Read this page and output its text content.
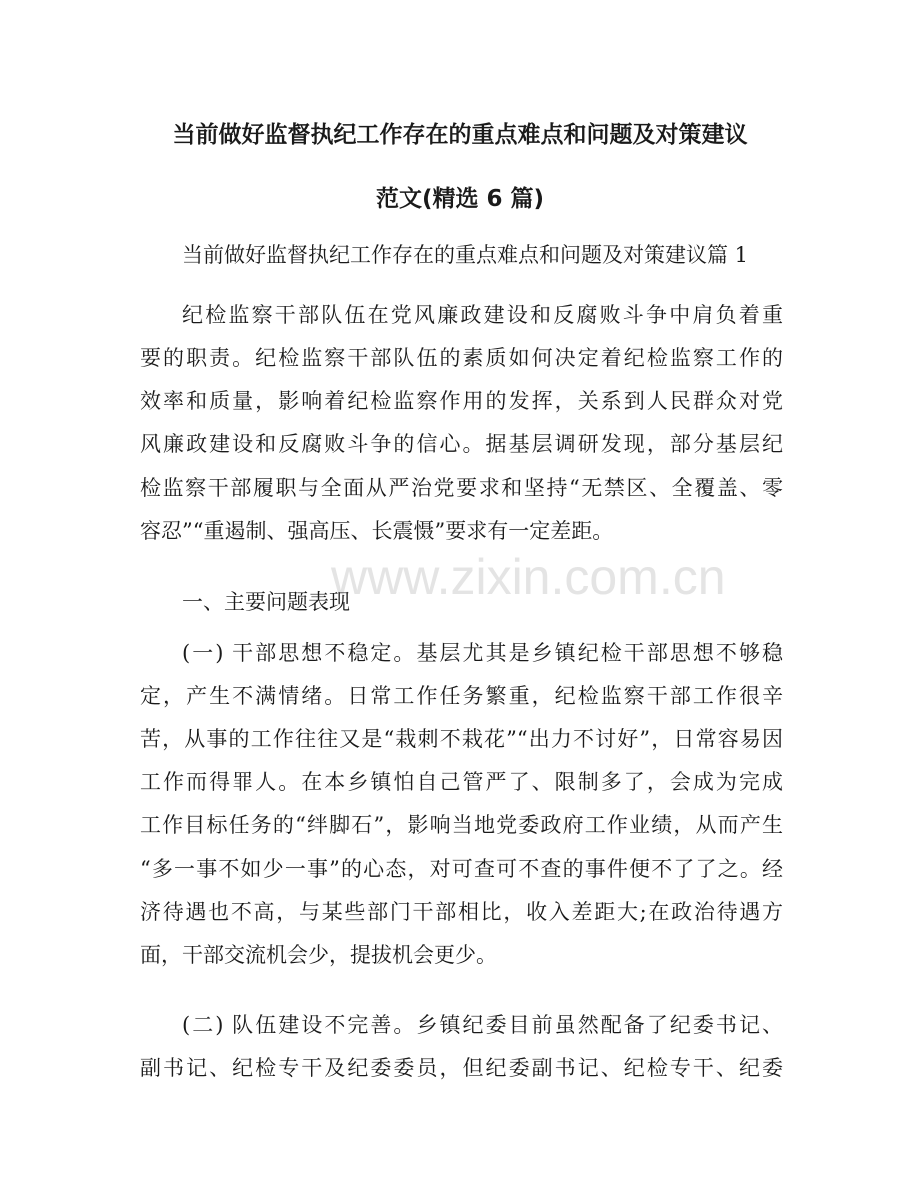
www.zixin.com.cn
当前做好监督执纪工作存在的重点难点和问题及对策建议
范文(精选 6 篇)

当前做好监督执纪工作存在的重点难点和问题及对策建议篇 1

纪检监察干部队伍在党风廉政建设和反腐败斗争中肩负着重

要的职责。纪检监察干部队伍的素质如何决定着纪检监察工作的

效率和质量，影响着纪检监察作用的发挥，关系到人民群众对党

风廉政建设和反腐败斗争的信心。据基层调研发现，部分基层纪

检监察干部履职与全面从严治党要求和坚持“无禁区、全覆盖、零

容忍”“重遏制、强高压、长震慑”要求有一定差距。

一、主要问题表现

(一) 干部思想不稳定。基层尤其是乡镇纪检干部思想不够稳

定，产生不满情绪。日常工作任务繁重，纪检监察干部工作很辛

苦，从事的工作往往又是“栽刺不栽花”“出力不讨好”，日常容易因

工作而得罪人。在本乡镇怕自己管严了、限制多了，会成为完成

工作目标任务的“绊脚石”，影响当地党委政府工作业绩，从而产生

“多一事不如少一事”的心态，对可查可不查的事件便不了了之。经

济待遇也不高，与某些部门干部相比，收入差距大;在政治待遇方

面，干部交流机会少，提拔机会更少。

(二) 队伍建设不完善。乡镇纪委目前虽然配备了纪委书记、

副书记、纪检专干及纪委委员，但纪委副书记、纪检专干、纪委
